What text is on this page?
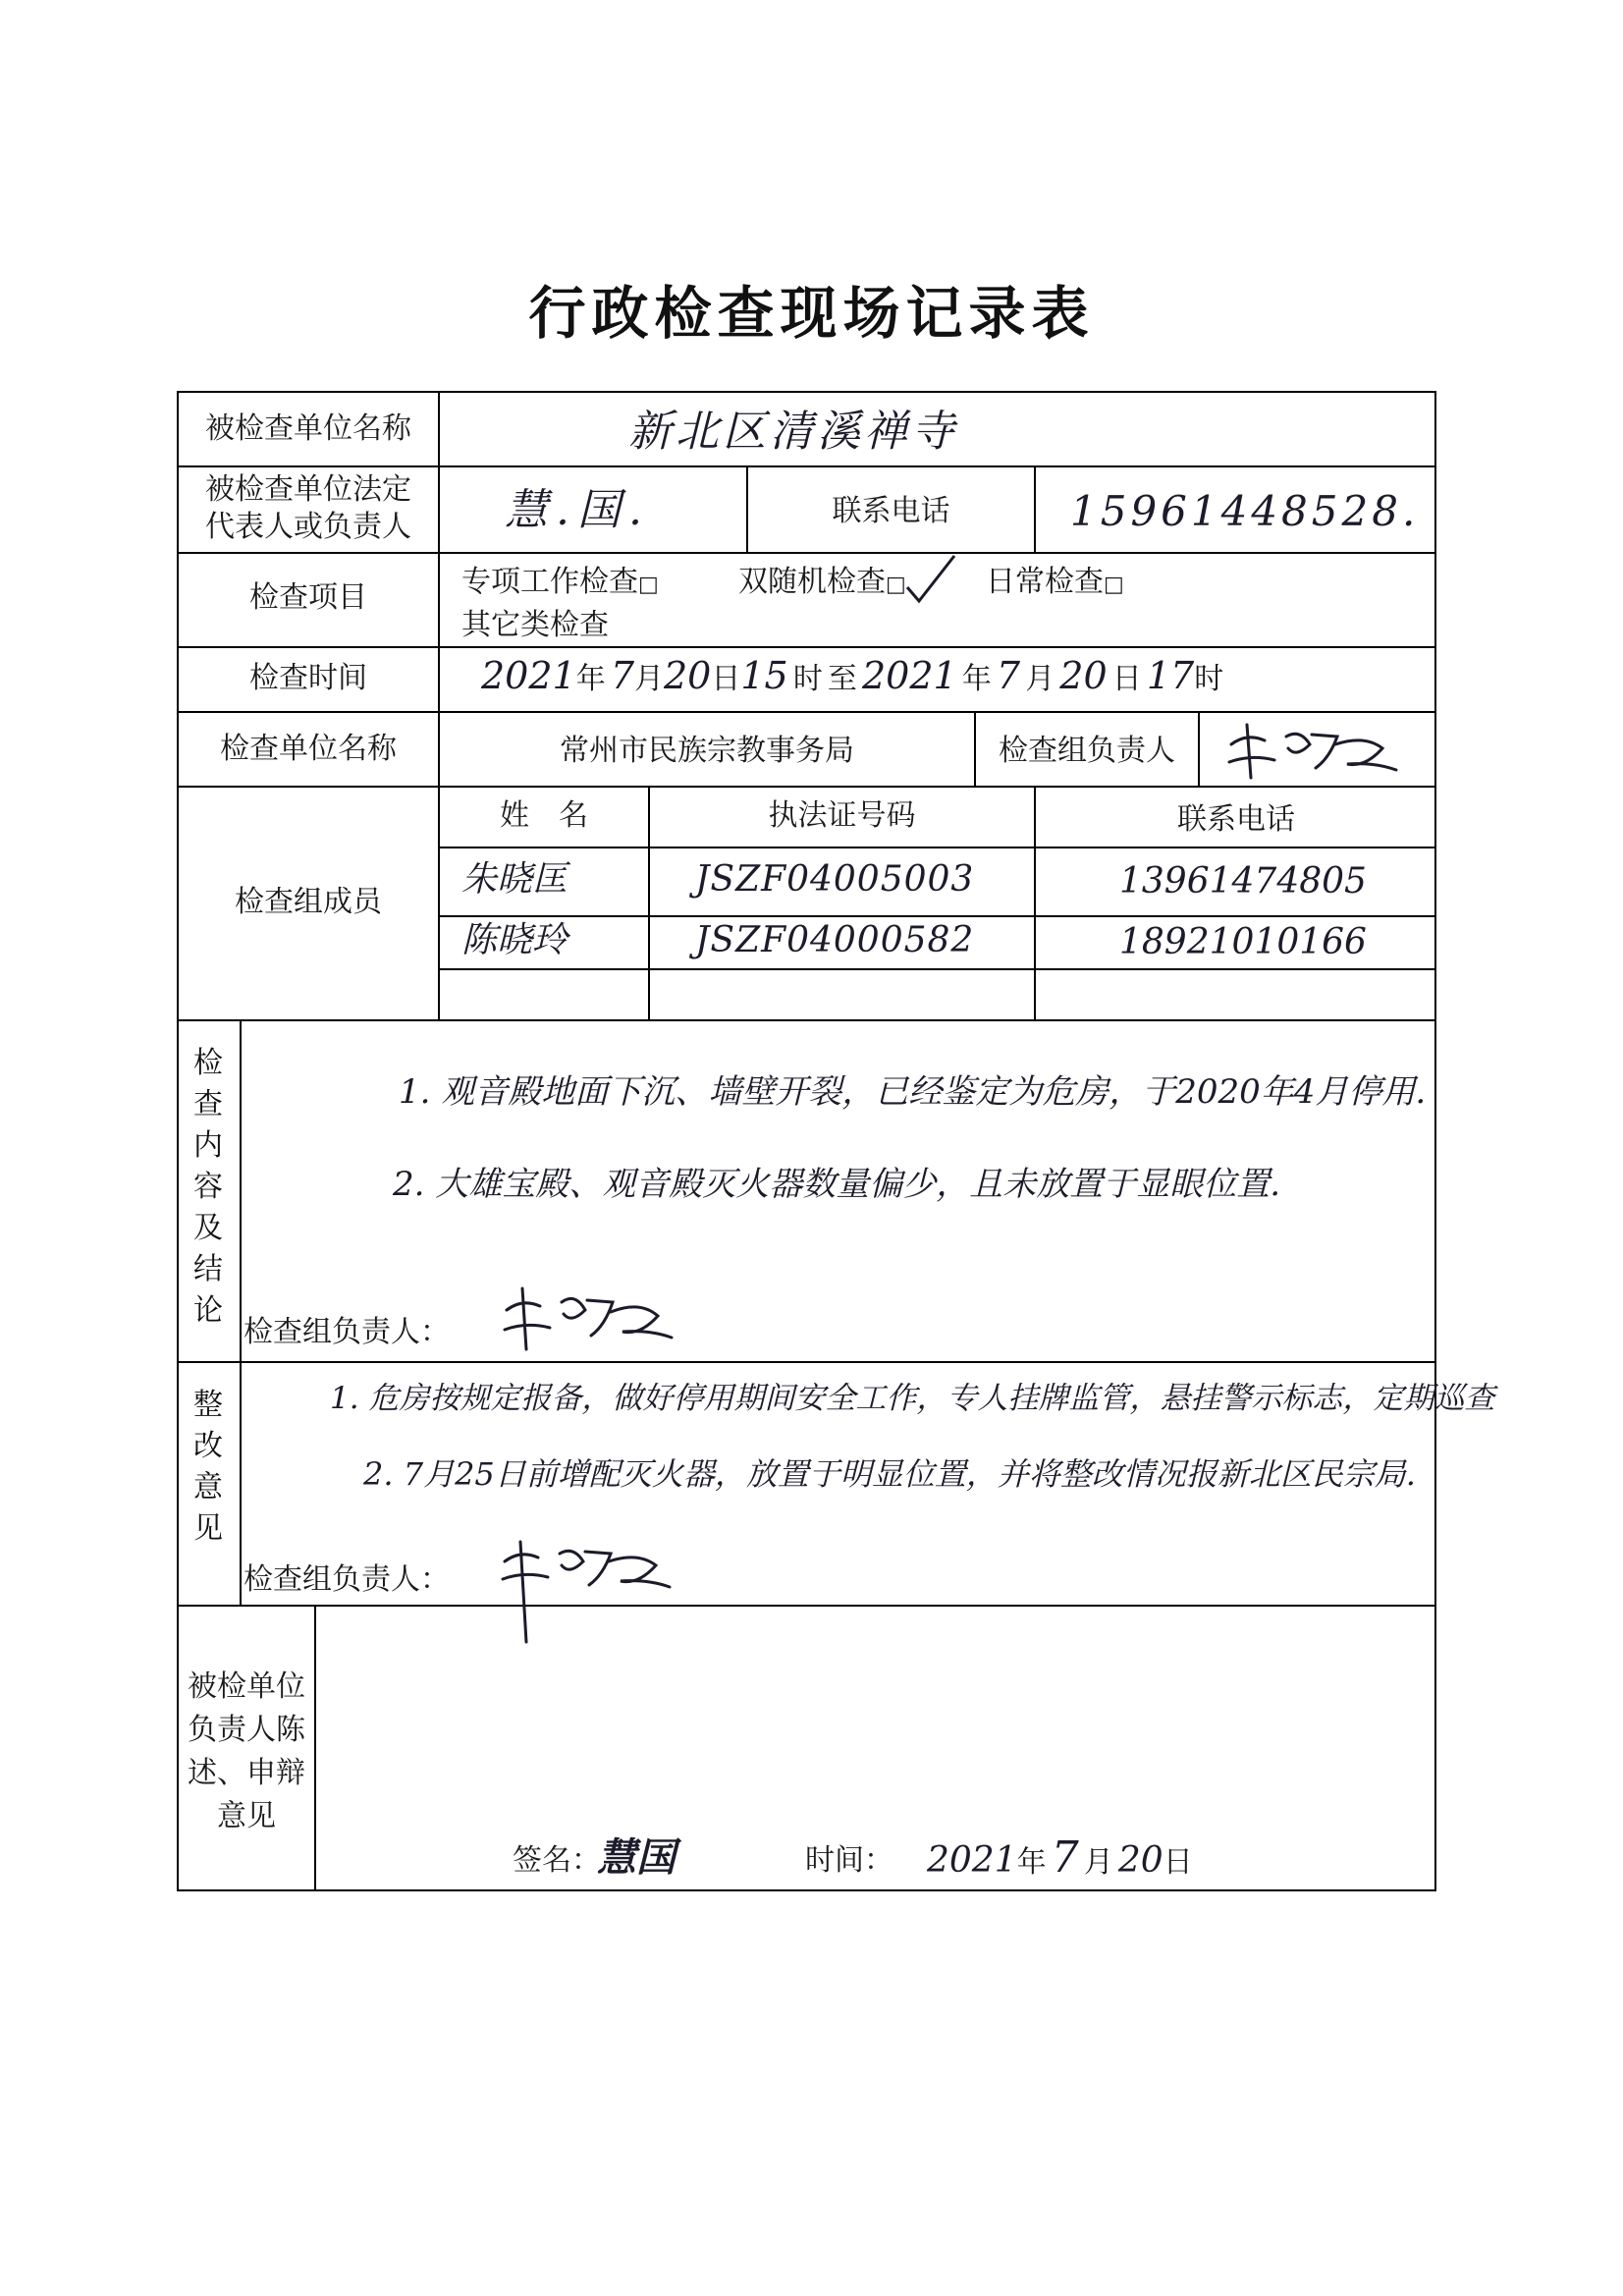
行政检查现场记录表
被检查单位名称	新北区清溪禅寺
被检查单位法定
代表人或负责人	慧.国.	联系电话	15961448528.
检查项目	专项工作检查□	双随机检查□	日常检查□
其它类检查
检查时间	2021年 7月20日15 时 至 2021 年 7 月 20 日 17时
检查单位名称	常州市民族宗教事务局	检查组负责人
检查组成员
姓　名	执法证号码	联系电话
朱晓匡	JSZF04005003	13961474805
陈晓玲	JSZF04000582	18921010166
检
查
内
容
及
结
论
1. 观音殿地面下沉、墙壁开裂，已经鉴定为危房，于2020年4月停用.
2. 大雄宝殿、观音殿灭火器数量偏少，且未放置于显眼位置.
检查组负责人：
整
改
意
见
1. 危房按规定报备，做好停用期间安全工作，专人挂牌监管，悬挂警示标志，定期巡查
2. 7月25日前增配灭火器，放置于明显位置，并将整改情况报新北区民宗局.
检查组负责人：
被检单位
负责人陈
述、申辩
意见
签名：
慧国	时间： 2021年 7 月 20日
